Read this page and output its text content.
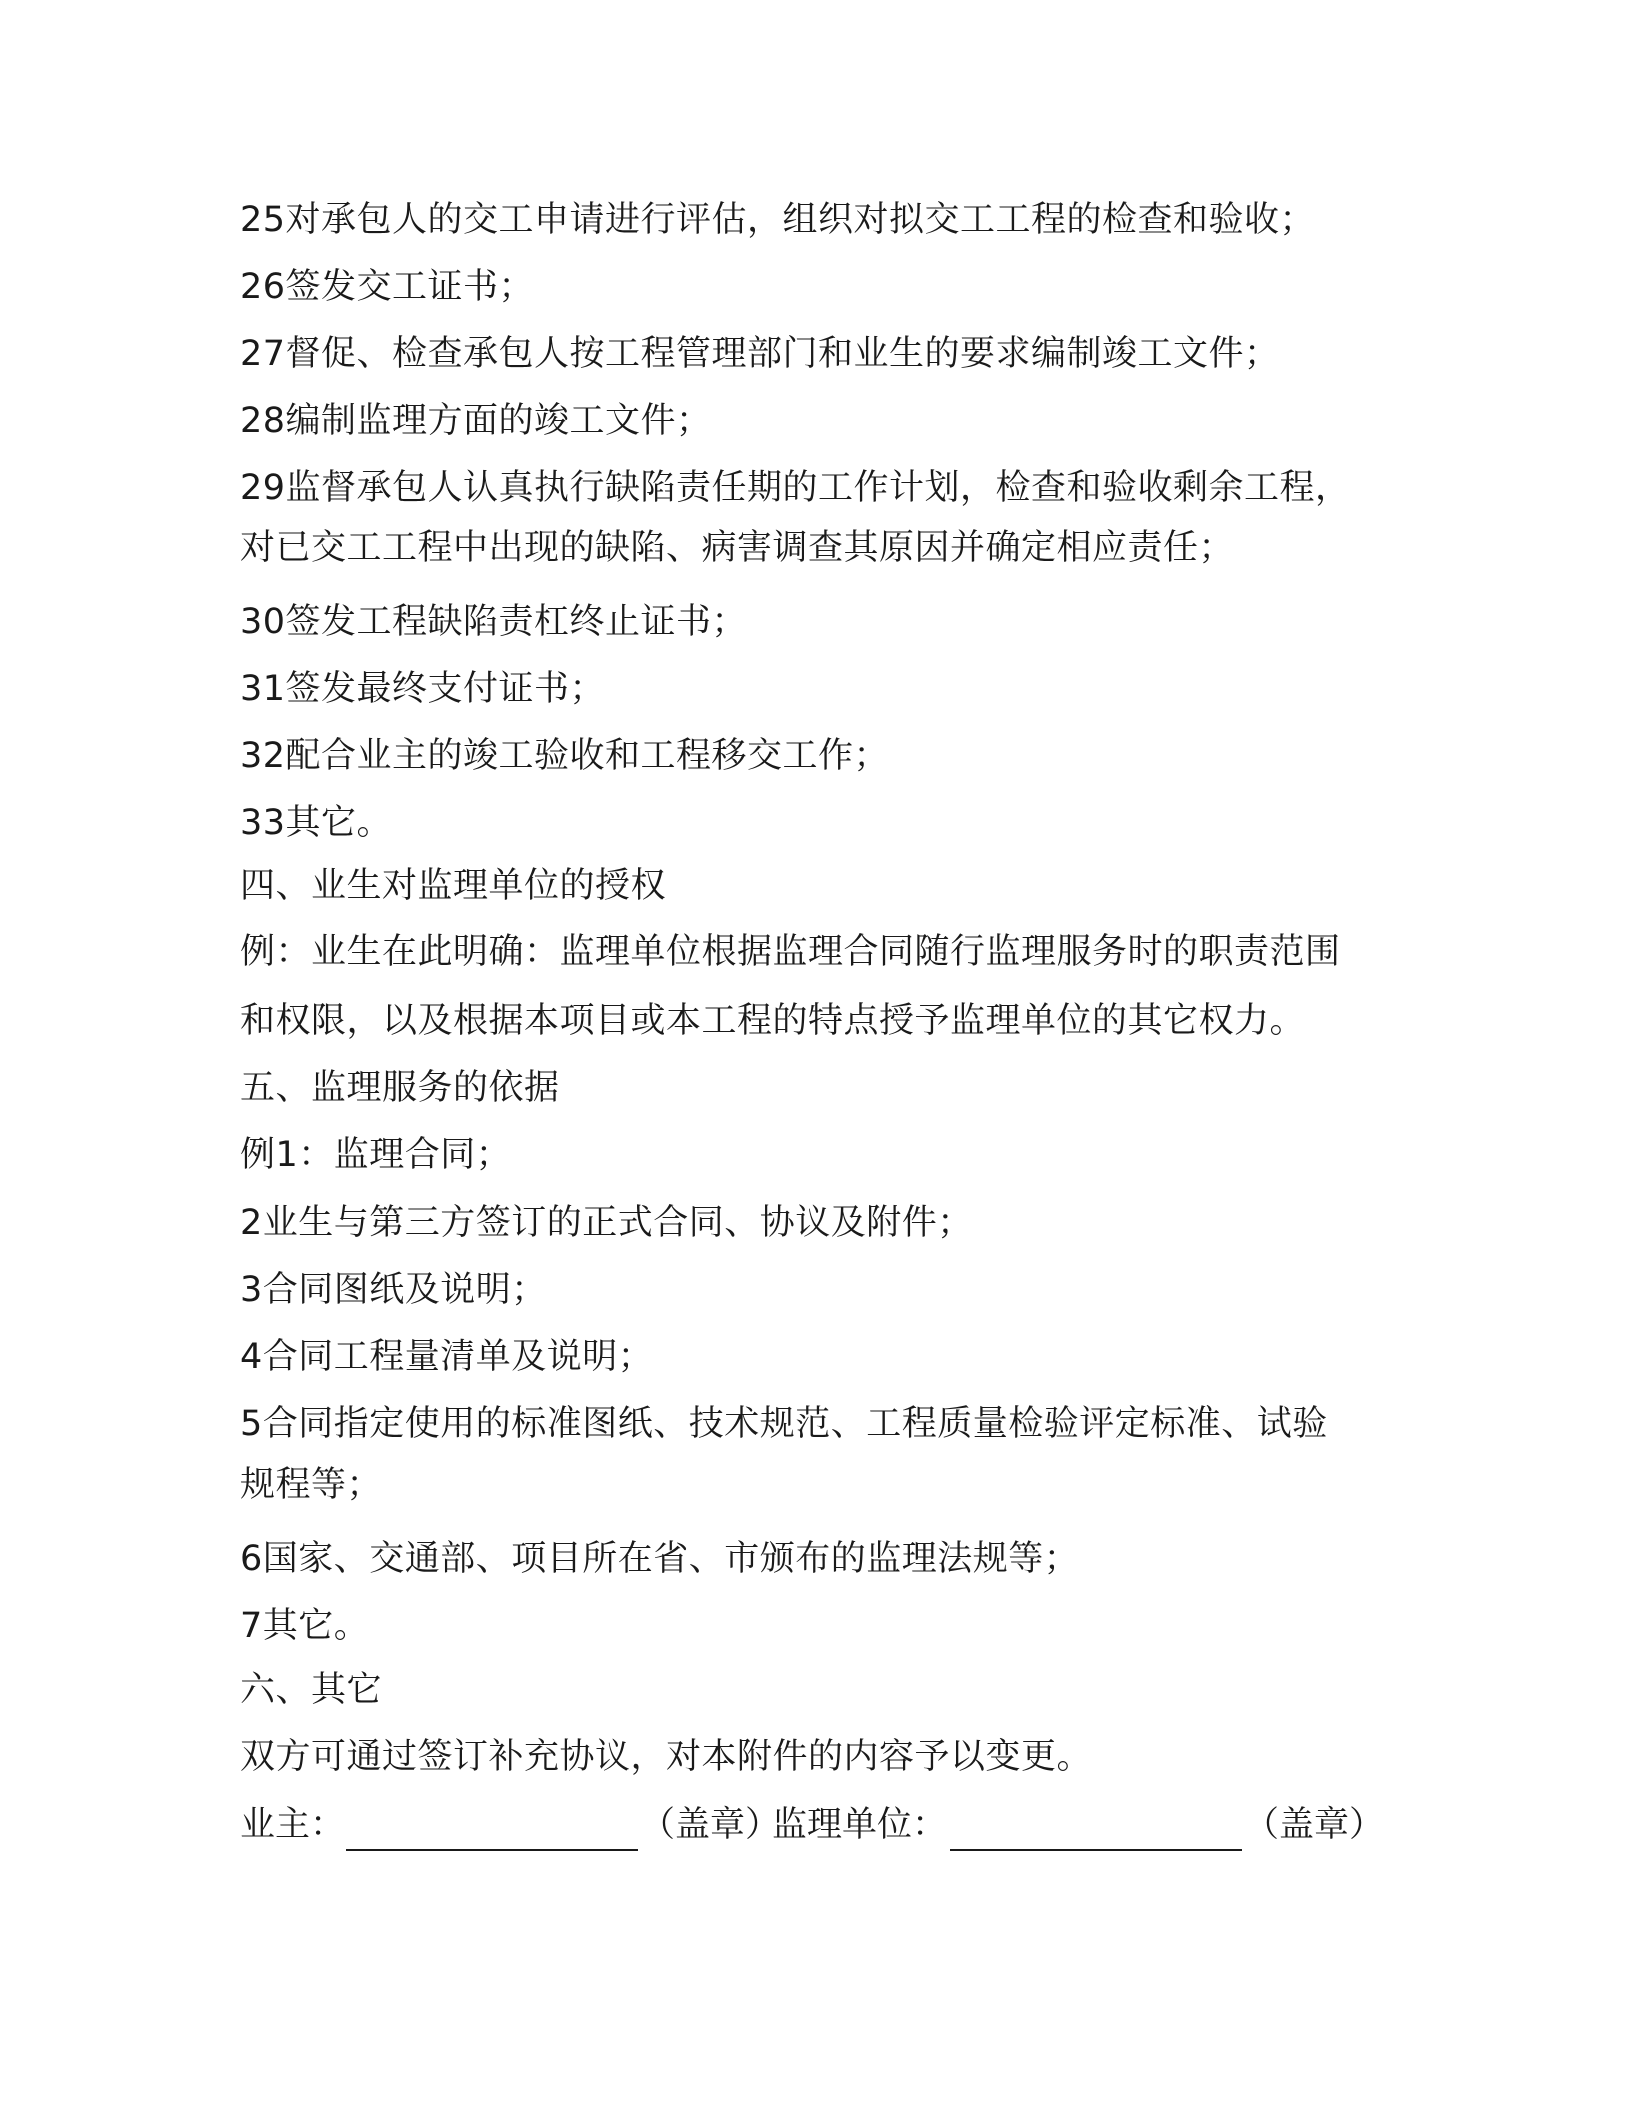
25对承包人的交工申请进行评估，组织对拟交工工程的检查和验收；
26签发交工证书；
27督促、检查承包人按工程管理部门和业生的要求编制竣工文件；
28编制监理方面的竣工文件；
29监督承包人认真执行缺陷责任期的工作计划，检查和验收剩余工程，
对已交工工程中出现的缺陷、病害调查其原因并确定相应责任；
30签发工程缺陷责杠终止证书；
31签发最终支付证书；
32配合业主的竣工验收和工程移交工作；
33其它。
四、业生对监理单位的授权
例：业生在此明确：监理单位根据监理合同随行监理服务时的职责范围
和权限，以及根据本项目或本工程的特点授予监理单位的其它权力。
五、监理服务的依据
例1：监理合同；
2业生与第三方签订的正式合同、协议及附件；
3合同图纸及说明；
4合同工程量清单及说明；
5合同指定使用的标准图纸、技术规范、工程质量检验评定标准、试验
规程等；
6国家、交通部、项目所在省、市颁布的监理法规等；
7其它。
六、其它
双方可通过签订补充协议，对本附件的内容予以变更。
业主：	（盖章）
监理单位：	（盖章）
